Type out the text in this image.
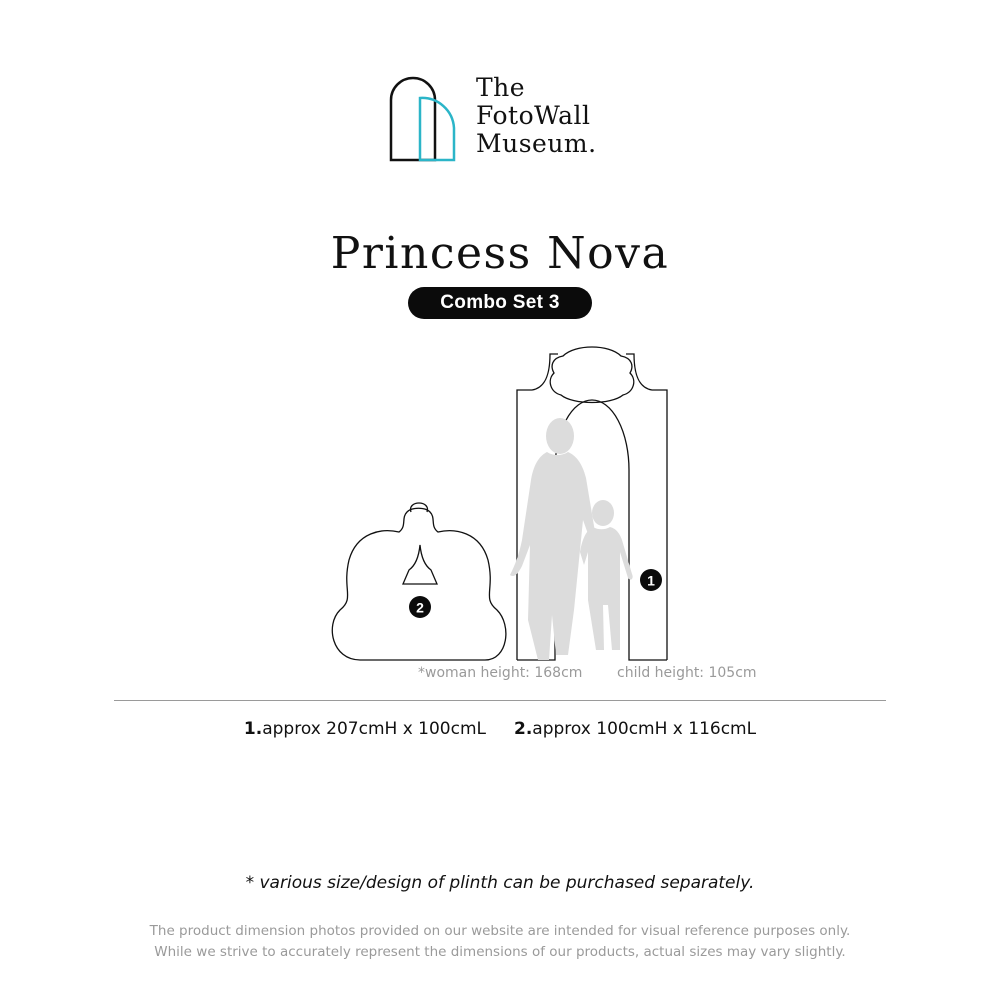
The
FotoWall
Museum.
Princess Nova
Combo Set 3
1
2
*woman height: 168cm child height: 105cm
1.approx 207cmH x 100cmL 2.approx 100cmH x 116cmL
* various size/design of plinth can be purchased separately.
The product dimension photos provided on our website are intended for visual reference purposes only.
While we strive to accurately represent the dimensions of our products, actual sizes may vary slightly.
